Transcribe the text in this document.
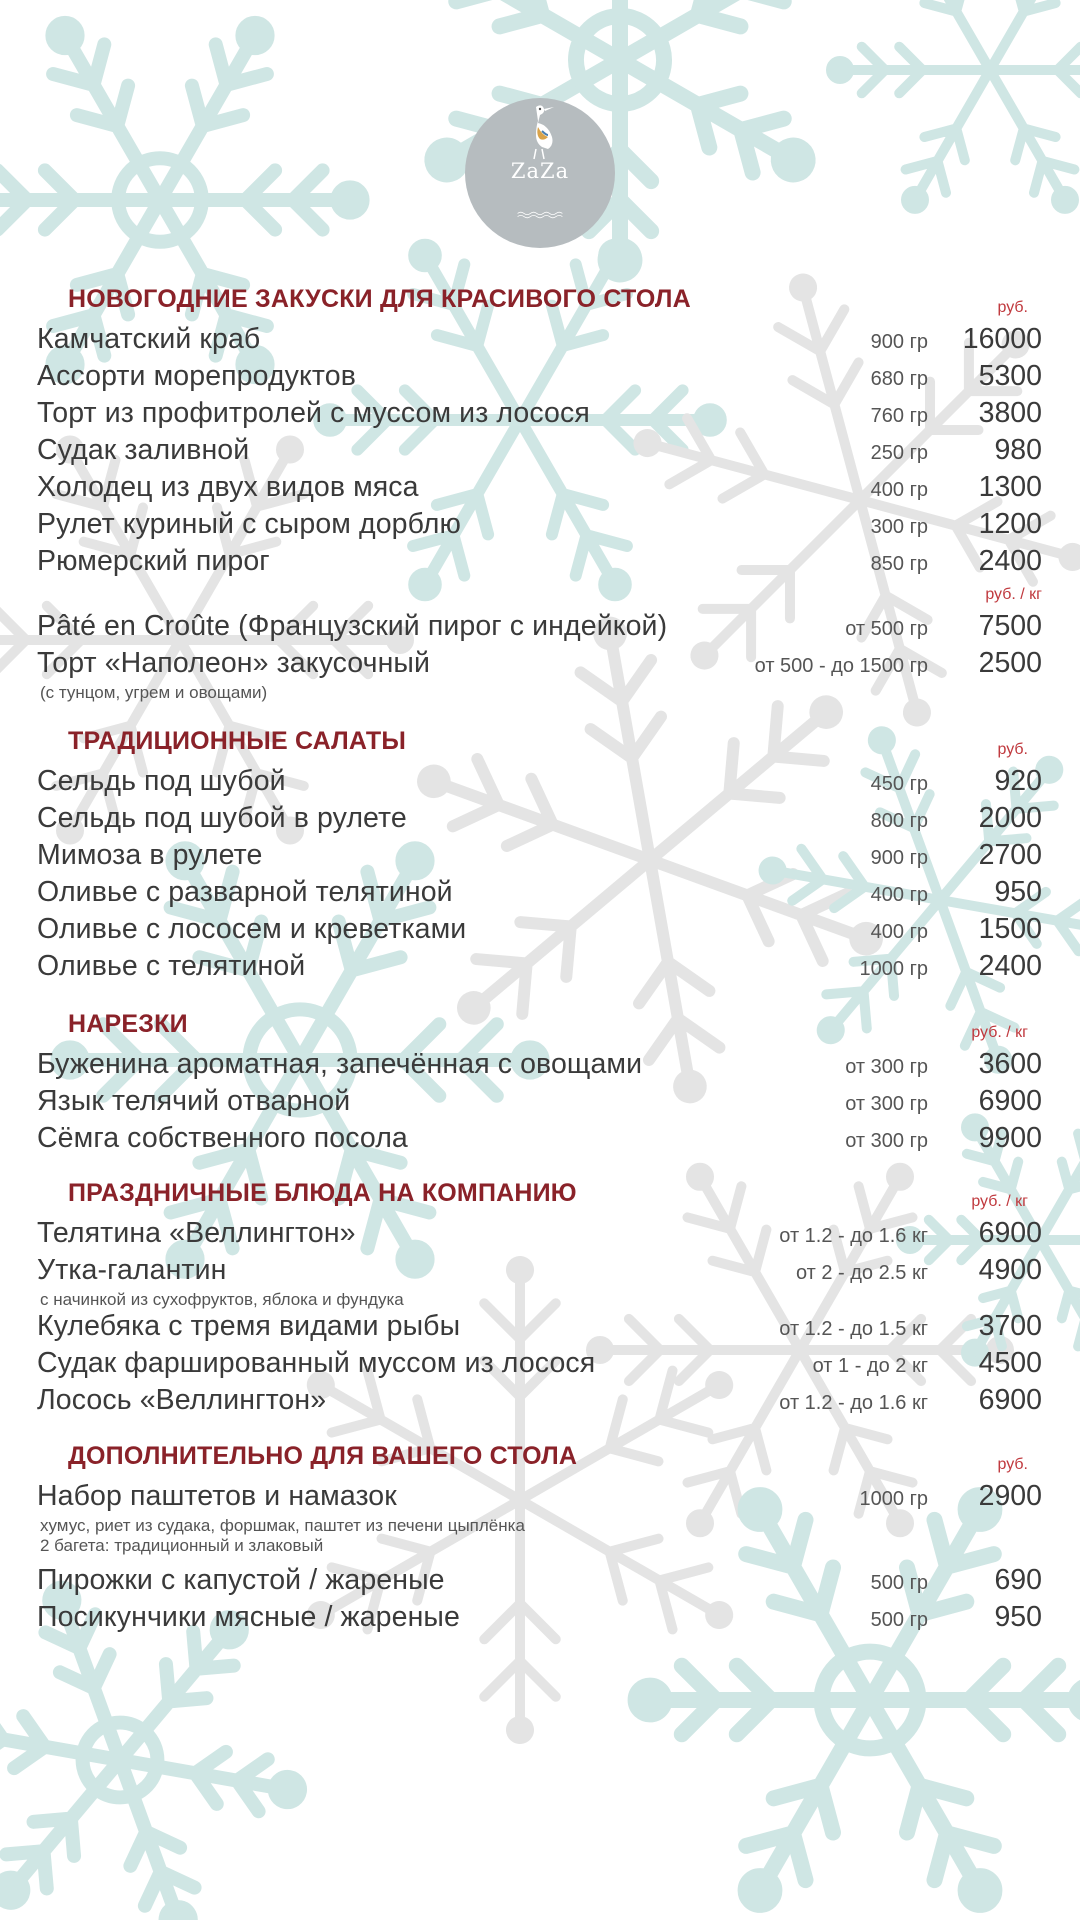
ZaZa
НОВОГОДНИЕ ЗАКУСКИ ДЛЯ КРАСИВОГО СТОЛА	руб.
Камчатский краб	900 гр 16000
Ассорти морепродуктов	680 гр 5300
Торт из профитролей с муссом из лосося	760 гр 3800
Судак заливной	250 гр 980
Холодец из двух видов мяса	400 гр 1300
Рулет куриный с сыром дорблю	300 гр 1200
Рюмерский пирог	850 гр 2400
руб. / кг
Pâté en Croûte (Французский пирог с индейкой)	от 500 гр 7500
Торт «Наполеон» закусочный	от 500 - до 1500 гр 2500
(с тунцом, угрем и овощами)
ТРАДИЦИОННЫЕ САЛАТЫ	руб.
Сельдь под шубой	450 гр 920
Сельдь под шубой в рулете	800 гр 2000
Мимоза в рулете	900 гр 2700
Оливье с разварной телятиной	400 гр 950
Оливье с лососем и креветками	400 гр 1500
Оливье с телятиной	1000 гр 2400
НАРЕЗКИ	руб. / кг
Буженина ароматная, запечённая с овощами	от 300 гр 3600
Язык телячий отварной	от 300 гр 6900
Сёмга собственного посола	от 300 гр 9900
ПРАЗДНИЧНЫЕ БЛЮДА НА КОМПАНИЮ	руб. / кг
Телятина «Веллингтон»	от 1.2 - до 1.6 кг 6900
Утка-галантин	от 2 - до 2.5 кг 4900
с начинкой из сухофруктов, яблока и фундука
Кулебяка с тремя видами рыбы	от 1.2 - до 1.5 кг 3700
Судак фаршированный муссом из лосося	от 1 - до 2 кг 4500
Лосось «Веллингтон»	от 1.2 - до 1.6 кг 6900
ДОПОЛНИТЕЛЬНО ДЛЯ ВАШЕГО СТОЛА	руб.
Набор паштетов и намазок	1000 гр 2900
хумус, риет из судака, форшмак, паштет из печени цыплёнка
2 багета: традиционный и злаковый
Пирожки с капустой / жареные	500 гр 690
Посикунчики мясные / жареные	500 гр 950
